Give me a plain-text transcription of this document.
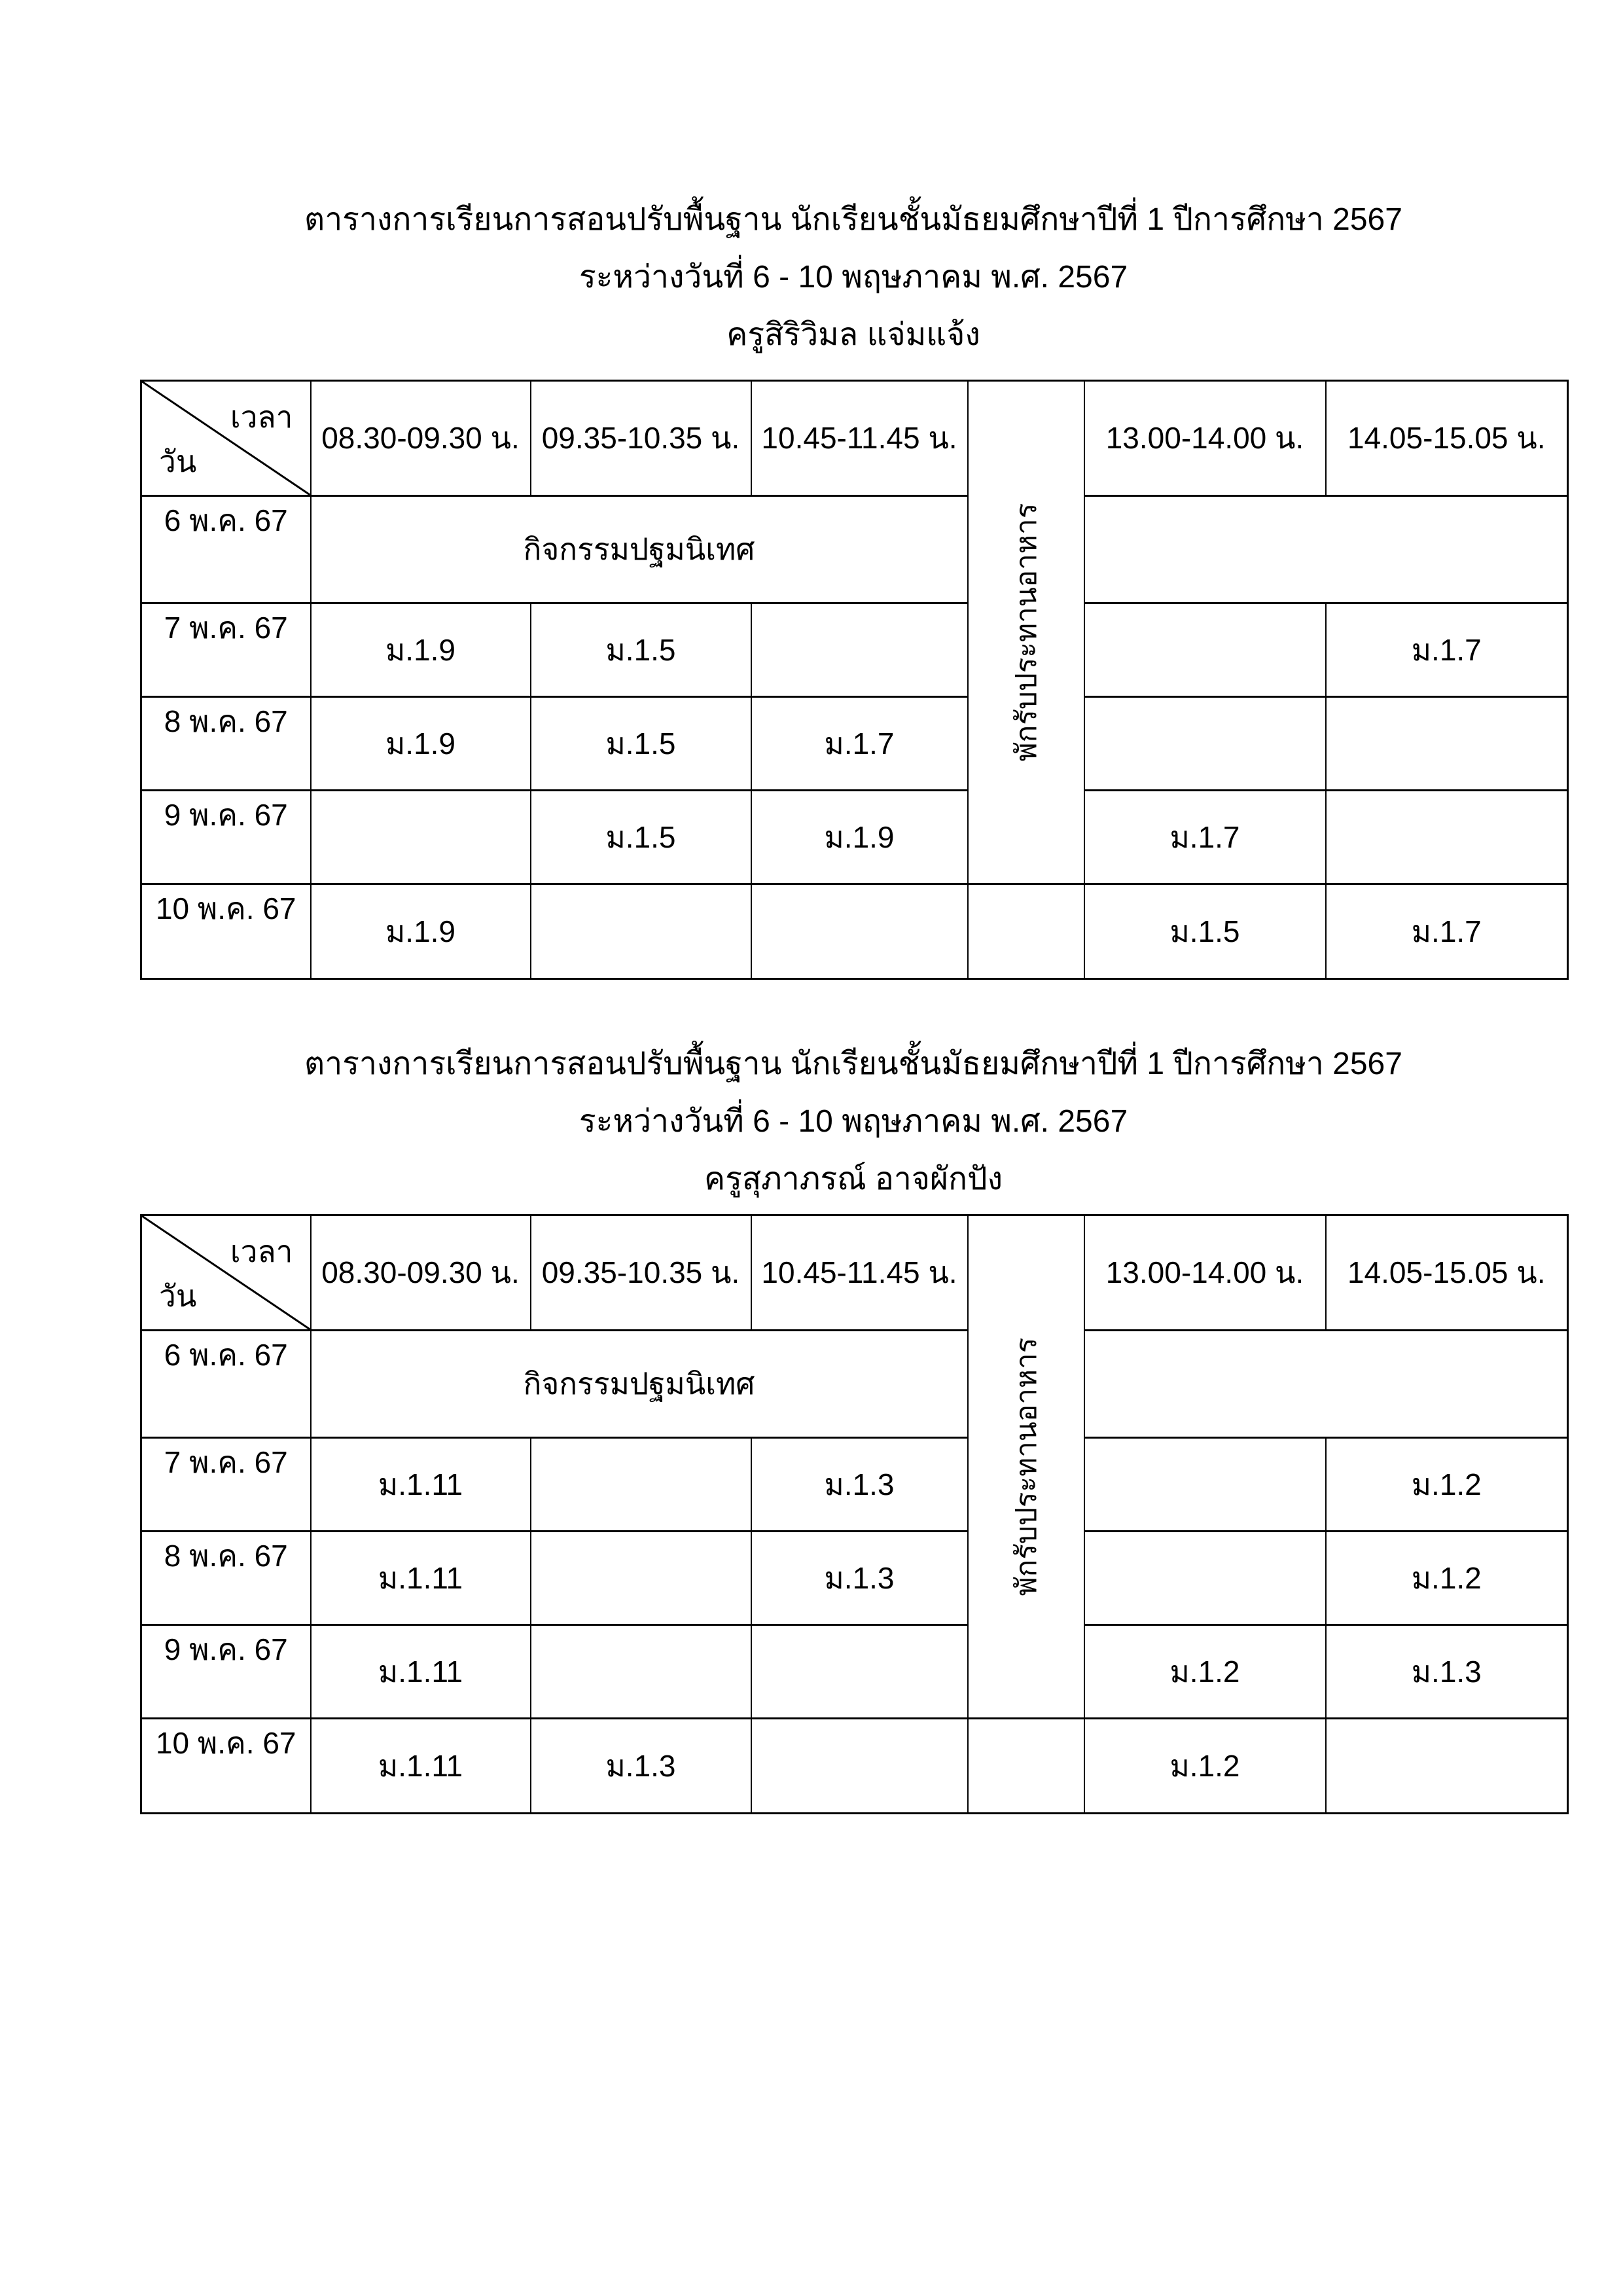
ตารางการเรียนการสอนปรับพื้นฐาน นักเรียนชั้นมัธยมศึกษาปีที่ 1 ปีการศึกษา 2567
ระหว่างวันที่ 6 - 10 พฤษภาคม พ.ศ. 2567
ครูสิริวิมล แจ่มแจ้ง
เวลา
วัน	08.30-09.30 น.	09.35-10.35 น.	10.45-11.45 น.	พักรับประทานอาหาร	13.00-14.00 น.	14.05-15.05 น.
6 พ.ค. 67	กิจกรรมปฐมนิเทศ					
7 พ.ค. 67	ม.1.9	ม.1.5				ม.1.7
8 พ.ค. 67	ม.1.9	ม.1.5	ม.1.7			
9 พ.ค. 67		ม.1.5	ม.1.9		ม.1.7	
10 พ.ค. 67	ม.1.9				ม.1.5	ม.1.7
ตารางการเรียนการสอนปรับพื้นฐาน นักเรียนชั้นมัธยมศึกษาปีที่ 1 ปีการศึกษา 2567
ระหว่างวันที่ 6 - 10 พฤษภาคม พ.ศ. 2567
ครูสุภาภรณ์ อาจผักปัง
เวลา
วัน	08.30-09.30 น.	09.35-10.35 น.	10.45-11.45 น.	พักรับประทานอาหาร	13.00-14.00 น.	14.05-15.05 น.
6 พ.ค. 67	กิจกรรมปฐมนิเทศ					
7 พ.ค. 67	ม.1.11		ม.1.3			ม.1.2
8 พ.ค. 67	ม.1.11		ม.1.3			ม.1.2
9 พ.ค. 67	ม.1.11				ม.1.2	ม.1.3
10 พ.ค. 67	ม.1.11	ม.1.3			ม.1.2	
